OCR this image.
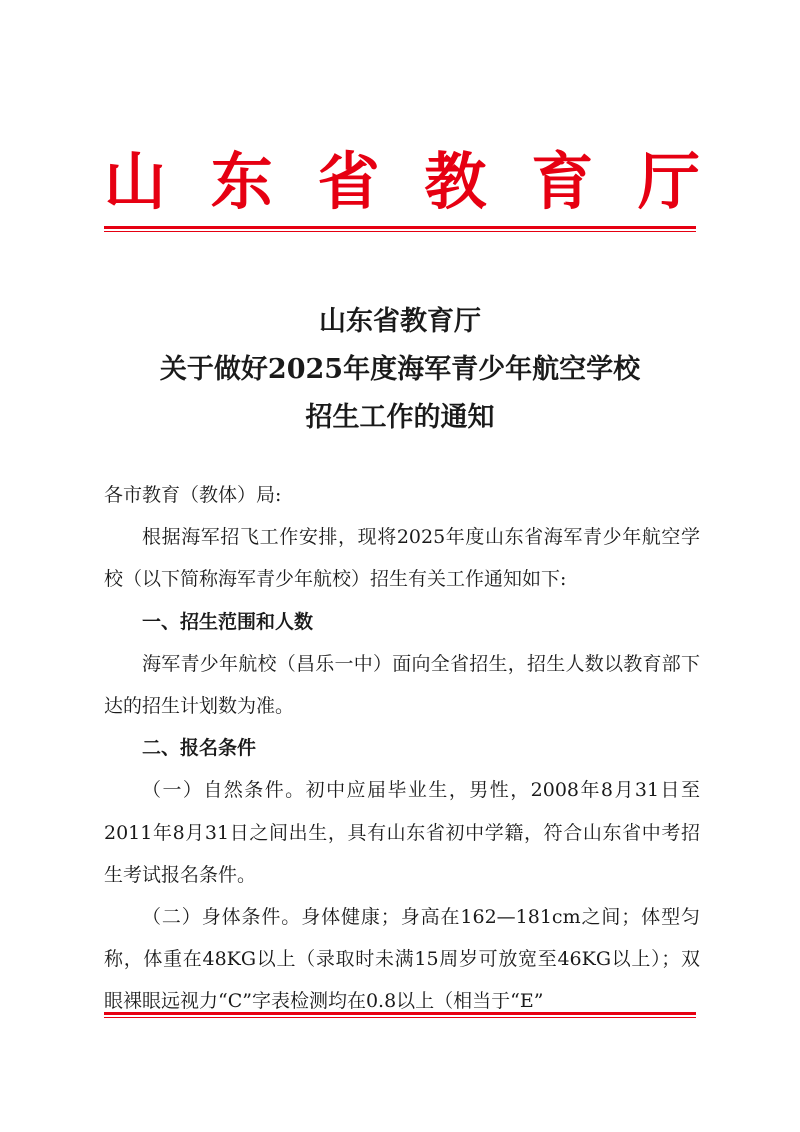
山 东 省 教 育 厅
山东省教育厅
关于做好2025年度海军青少年航空学校
招生工作的通知

各市教育（教体）局:

根据海军招飞工作安排，现将2025年度山东省海军青少年航空学校（以下简称海军青少年航校）招生有关工作通知如下:

一、招生范围和人数

海军青少年航校（昌乐一中）面向全省招生，招生人数以教育部下达的招生计划数为准。

二、报名条件

（一）自然条件。初中应届毕业生，男性，2008年8月31日至2011年8月31日之间出生，具有山东省初中学籍，符合山东省中考招生考试报名条件。

（二）身体条件。身体健康；身高在162—181cm之间；体型匀称，体重在48KG以上（录取时未满15周岁可放宽至46KG以上）；双眼裸眼远视力“C”字表检测均在0.8以上（相当于“E”
